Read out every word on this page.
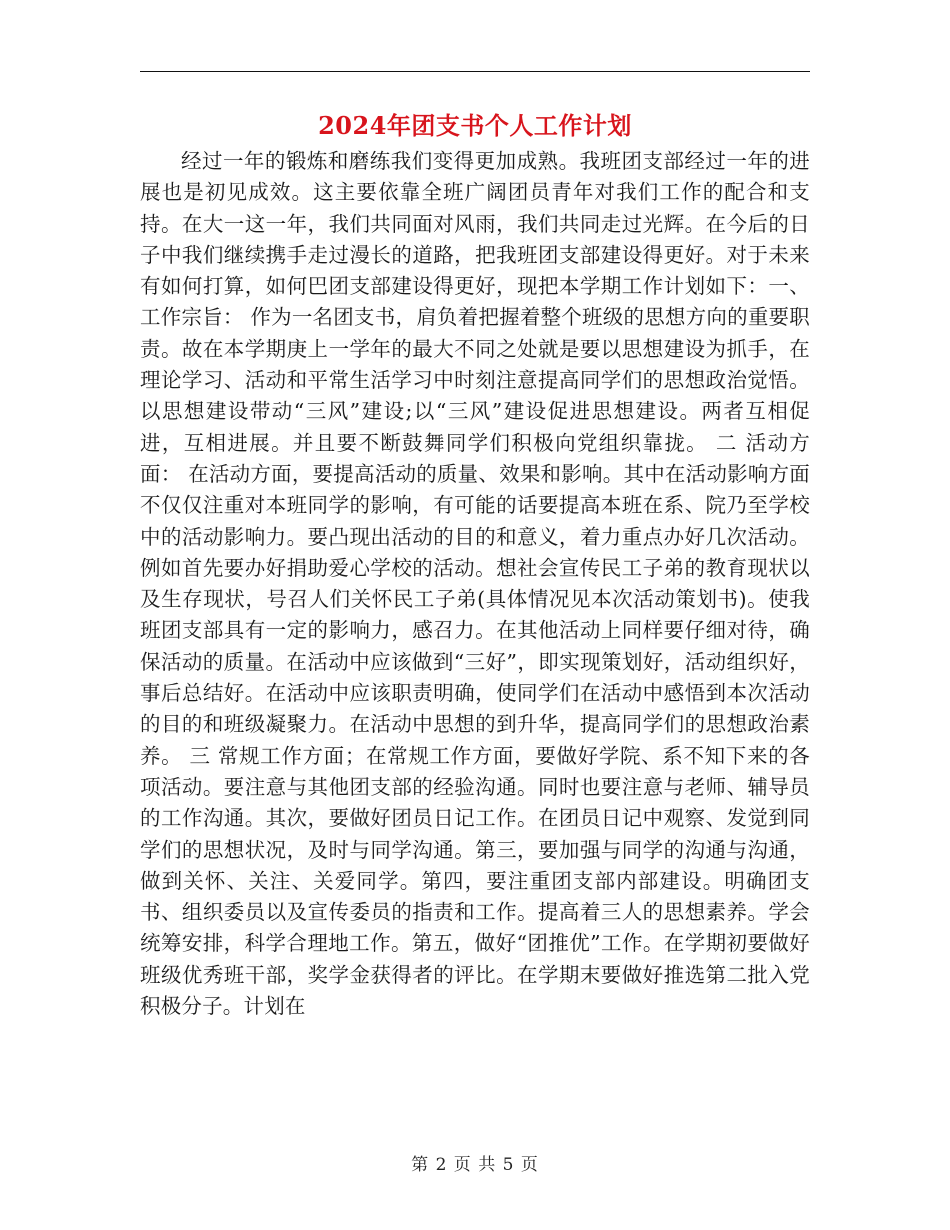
2024年团支书个人工作计划

经过一年的锻炼和磨练我们变得更加成熟。我班团支部经过一年的进展也是初见成效。这主要依靠全班广阔团员青年对我们工作的配合和支持。在大一这一年，我们共同面对风雨，我们共同走过光辉。在今后的日子中我们继续携手走过漫长的道路，把我班团支部建设得更好。对于未来有如何打算，如何巴团支部建设得更好，现把本学期工作计划如下：一、工作宗旨： 作为一名团支书，肩负着把握着整个班级的思想方向的重要职责。故在本学期庚上一学年的最大不同之处就是要以思想建设为抓手，在理论学习、活动和平常生活学习中时刻注意提高同学们的思想政治觉悟。以思想建设带动“三风”建设;以“三风”建设促进思想建设。两者互相促进，互相进展。并且要不断鼓舞同学们积极向党组织靠拢。 二 活动方面： 在活动方面，要提高活动的质量、效果和影响。其中在活动影响方面不仅仅注重对本班同学的影响，有可能的话要提高本班在系、院乃至学校中的活动影响力。要凸现出活动的目的和意义，着力重点办好几次活动。例如首先要办好捐助爱心学校的活动。想社会宣传民工子弟的教育现状以及生存现状，号召人们关怀民工子弟(具体情况见本次活动策划书)。使我班团支部具有一定的影响力，感召力。在其他活动上同样要仔细对待，确保活动的质量。在活动中应该做到“三好”，即实现策划好，活动组织好，事后总结好。在活动中应该职责明确，使同学们在活动中感悟到本次活动的目的和班级凝聚力。在活动中思想的到升华，提高同学们的思想政治素养。 三 常规工作方面；在常规工作方面，要做好学院、系不知下来的各项活动。要注意与其他团支部的经验沟通。同时也要注意与老师、辅导员的工作沟通。其次，要做好团员日记工作。在团员日记中观察、发觉到同学们的思想状况，及时与同学沟通。第三，要加强与同学的沟通与沟通，做到关怀、关注、关爱同学。第四，要注重团支部内部建设。明确团支书、组织委员以及宣传委员的指责和工作。提高着三人的思想素养。学会统筹安排，科学合理地工作。第五，做好“团推优”工作。在学期初要做好班级优秀班干部，奖学金获得者的评比。在学期末要做好推选第二批入党积极分子。计划在

第 2 页 共 5 页
